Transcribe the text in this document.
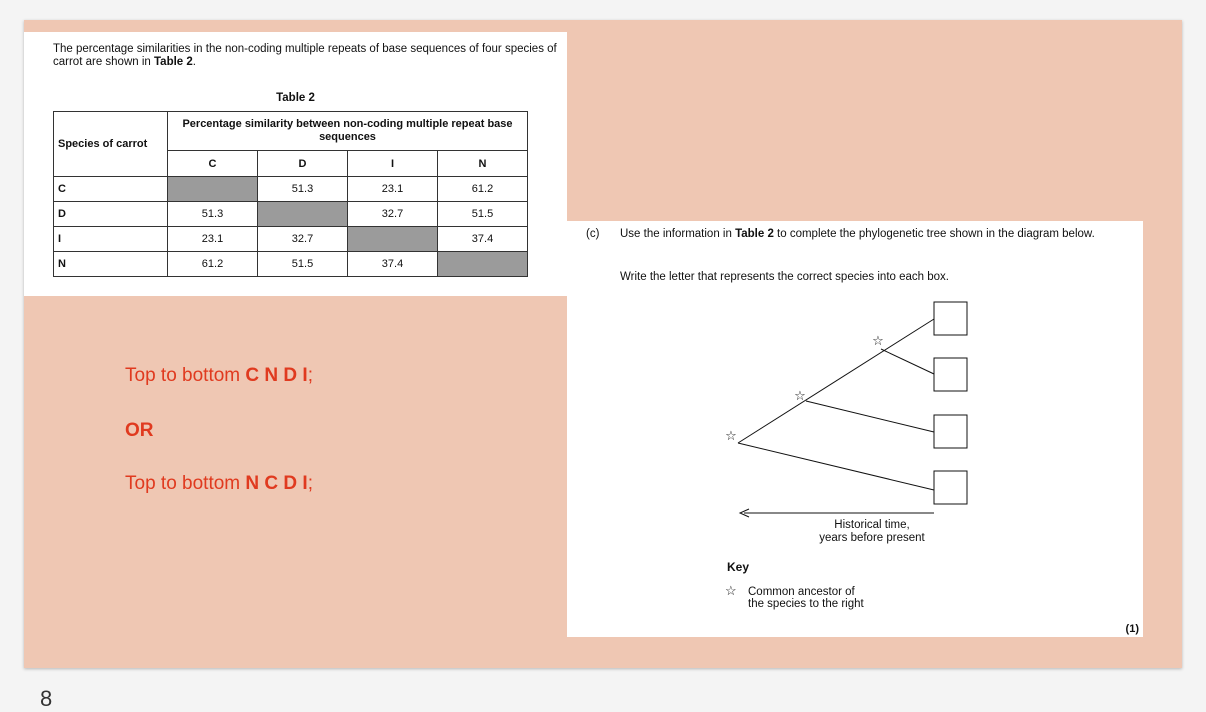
The percentage similarities in the non-coding multiple repeats of base sequences of four species of carrot are shown in Table 2.
Table 2
Species of carrot	Percentage similarity between non-coding multiple repeat base sequences			
	C	D	I	N
C		51.3	23.1	61.2
D	51.3		32.7	51.5
I	23.1	32.7		37.4
N	61.2	51.5	37.4	
Top to bottom C N D I;
OR
Top to bottom N C D I;
(c) Use the information in Table 2 to complete the phylogenetic tree shown in the diagram below.
Write the letter that represents the correct species into each box.
☆
☆
☆
Historical time,
years before present
Key
☆ Common ancestor of
the species to the right
(1)
8
